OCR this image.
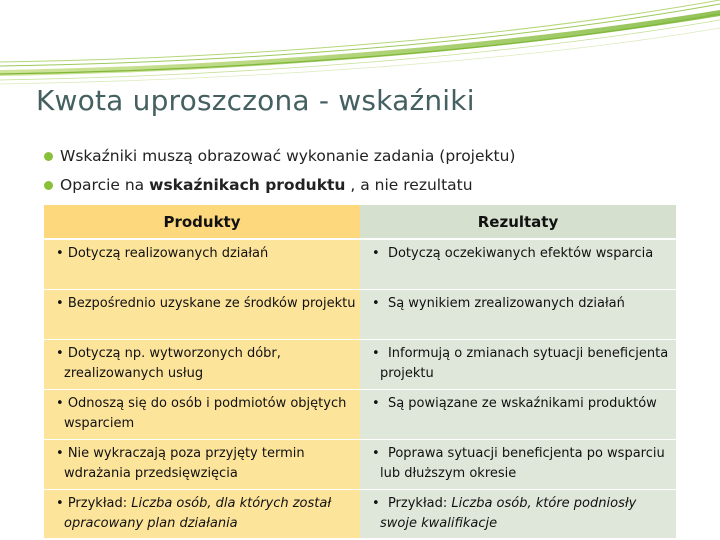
Kwota uproszczona - wskaźniki
Wskaźniki muszą obrazować wykonanie zadania (projektu)
Oparcie na wskaźnikach produktu , a nie rezultatu
Produkty	Rezultaty

• Dotyczą realizowanych działań	•  Dotyczą oczekiwanych efektów wsparcia

• Bezpośrednio uzyskane ze środków projektu	•  Są wynikiem zrealizowanych działań

• Dotyczą np. wytworzonych dóbr, zrealizowanych usług	•  Informują o zmianach sytuacji beneficjenta projektu

• Odnoszą się do osób i podmiotów objętych wsparciem	•  Są powiązane ze wskaźnikami produktów

• Nie wykraczają poza przyjęty termin wdrażania przedsięwzięcia	•  Poprawa sytuacji beneficjenta po wsparciu lub dłuższym okresie

• Przykład: Liczba osób, dla których został opracowany plan działania	•  Przykład: Liczba osób, które podniosły swoje kwalifikacje
